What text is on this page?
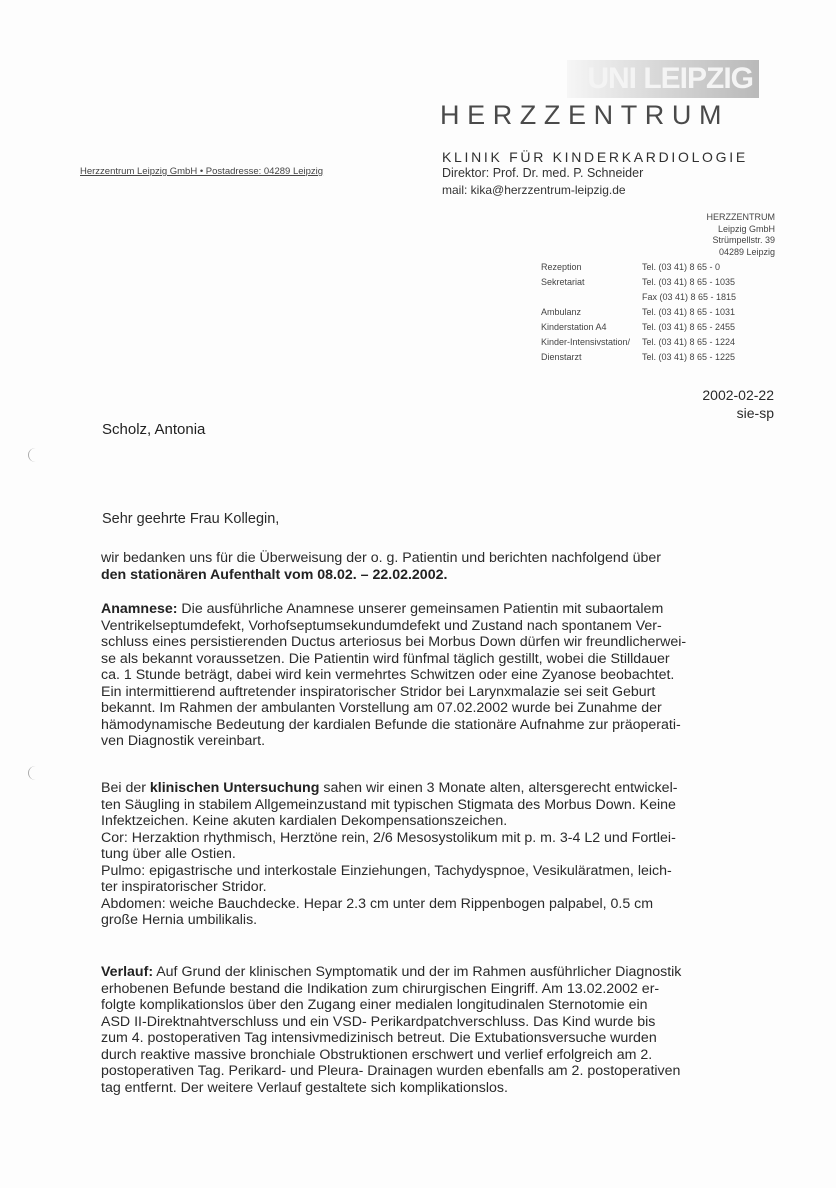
UNI LEIPZIG
HERZZENTRUM
KLINIK FÜR KINDERKARDIOLOGIE
Direktor: Prof. Dr. med. P. Schneider
mail: kika@herzzentrum-leipzig.de
Herzzentrum Leipzig GmbH • Postadresse: 04289 Leipzig
HERZZENTRUM
Leipzig GmbH
Strümpellstr. 39
04289 Leipzig
Rezeption	Tel. (03 41) 8 65 - 0
Sekretariat	Tel. (03 41) 8 65 - 1035
Fax (03 41) 8 65 - 1815
Ambulanz	Tel. (03 41) 8 65 - 1031
Kinderstation A4	Tel. (03 41) 8 65 - 2455
Kinder-Intensivstation/ Tel. (03 41) 8 65 - 1224
Dienstarzt	Tel. (03 41) 8 65 - 1225
2002-02-22
sie-sp
Scholz, Antonia
Sehr geehrte Frau Kollegin,
wir bedanken uns für die Überweisung der o. g. Patientin und berichten nachfolgend über
den stationären Aufenthalt vom 08.02. – 22.02.2002.
Anamnese: Die ausführliche Anamnese unserer gemeinsamen Patientin mit subaortalem
Ventrikelseptumdefekt, Vorhofseptumsekundumdefekt und Zustand nach spontanem Ver-
schluss eines persistierenden Ductus arteriosus bei Morbus Down dürfen wir freundlicherwei-
se als bekannt voraussetzen. Die Patientin wird fünfmal täglich gestillt, wobei die Stilldauer
ca. 1 Stunde beträgt, dabei wird kein vermehrtes Schwitzen oder eine Zyanose beobachtet.
Ein intermittierend auftretender inspiratorischer Stridor bei Larynxmalazie sei seit Geburt
bekannt. Im Rahmen der ambulanten Vorstellung am 07.02.2002 wurde bei Zunahme der
hämodynamische Bedeutung der kardialen Befunde die stationäre Aufnahme zur präoperati-
ven Diagnostik vereinbart.
Bei der klinischen Untersuchung sahen wir einen 3 Monate alten, altersgerecht entwickel-
ten Säugling in stabilem Allgemeinzustand mit typischen Stigmata des Morbus Down. Keine
Infektzeichen. Keine akuten kardialen Dekompensationszeichen.
Cor: Herzaktion rhythmisch, Herztöne rein, 2/6 Mesosystolikum mit p. m. 3-4 L2 und Fortlei-
tung über alle Ostien.
Pulmo: epigastrische und interkostale Einziehungen, Tachydyspnoe, Vesikuläratmen, leich-
ter inspiratorischer Stridor.
Abdomen: weiche Bauchdecke. Hepar 2.3 cm unter dem Rippenbogen palpabel, 0.5 cm
große Hernia umbilikalis.
Verlauf: Auf Grund der klinischen Symptomatik und der im Rahmen ausführlicher Diagnostik
erhobenen Befunde bestand die Indikation zum chirurgischen Eingriff. Am 13.02.2002 er-
folgte komplikationslos über den Zugang einer medialen longitudinalen Sternotomie ein
ASD II-Direktnahtverschluss und ein VSD- Perikardpatchverschluss. Das Kind wurde bis
zum 4. postoperativen Tag intensivmedizinisch betreut. Die Extubationsversuche wurden
durch reaktive massive bronchiale Obstruktionen erschwert und verlief erfolgreich am 2.
postoperativen Tag. Perikard- und Pleura- Drainagen wurden ebenfalls am 2. postoperativen
tag entfernt. Der weitere Verlauf gestaltete sich komplikationslos.
